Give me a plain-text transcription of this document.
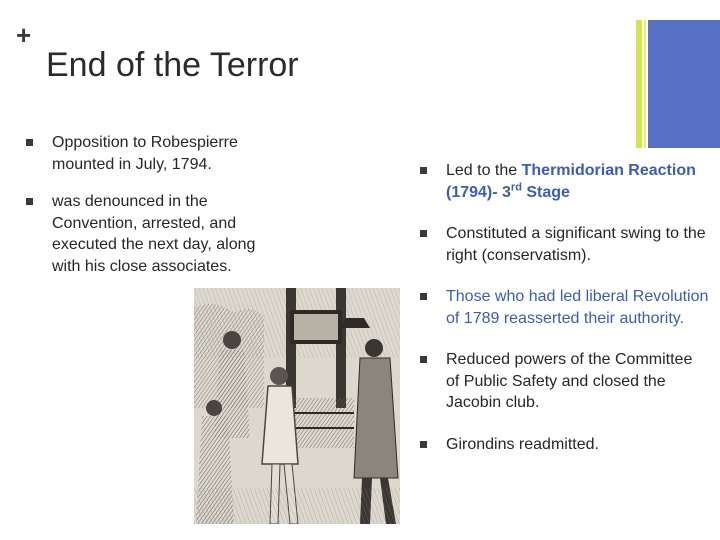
+
End of the Terror
Opposition to Robespierre mounted in July, 1794.
was denounced in the Convention, arrested, and executed the next day, along with his close associates.
Led to the Thermidorian Reaction (1794)- 3rd Stage
Constituted a significant swing to the right (conservatism).
Those who had led liberal Revolution of 1789 reasserted their authority.
Reduced powers of the Committee of Public Safety and closed the Jacobin club.
Girondins readmitted.
